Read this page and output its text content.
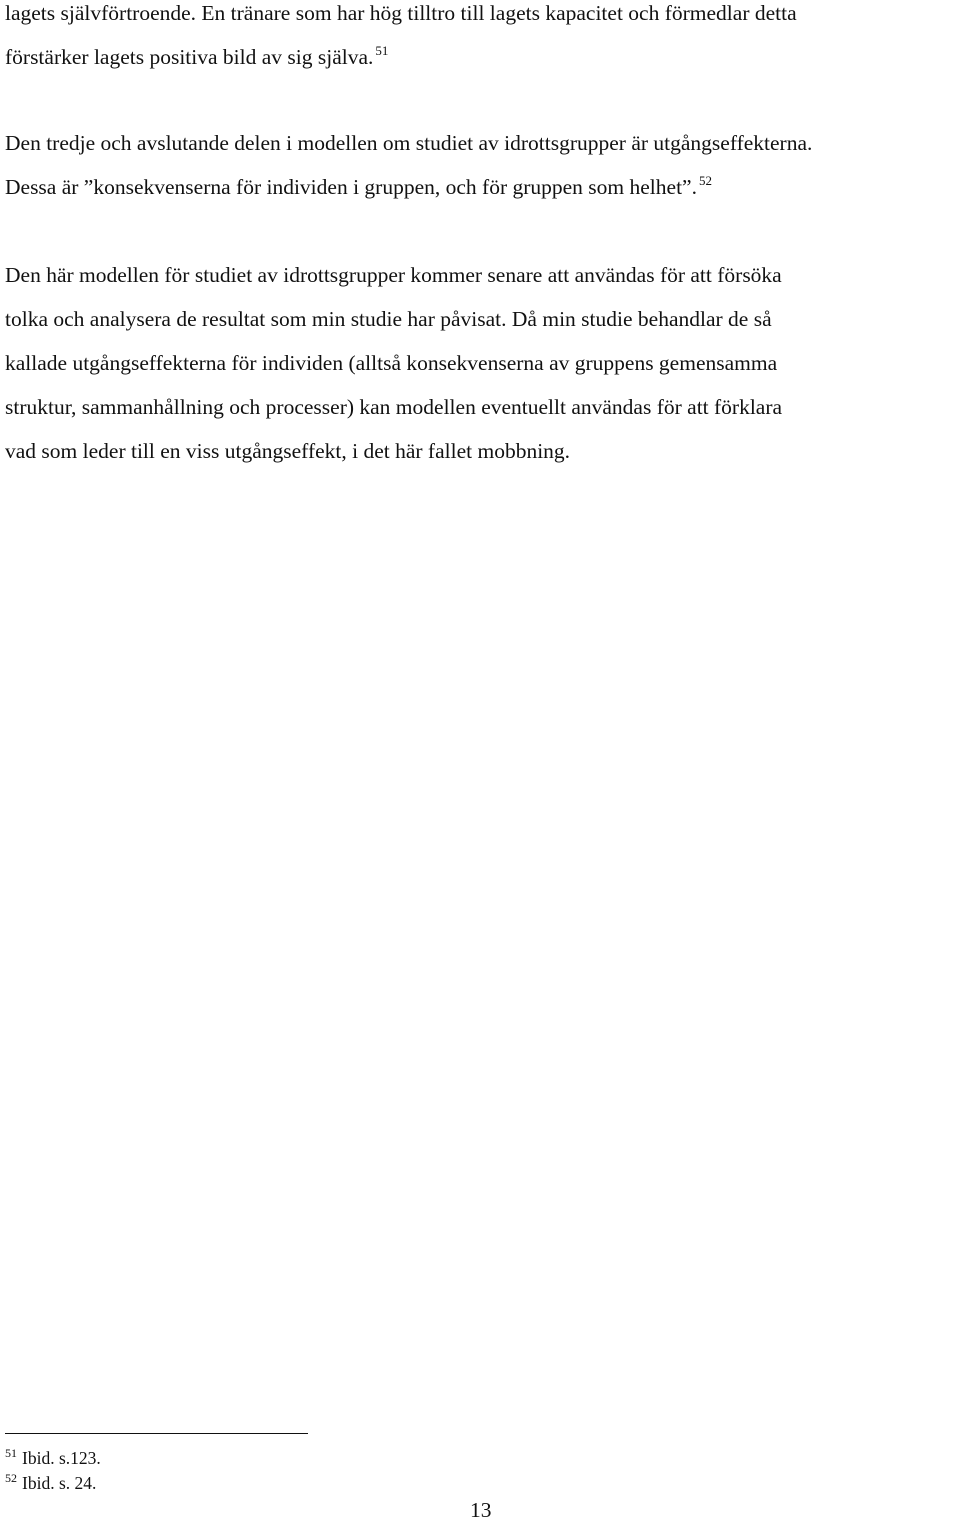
lagets självförtroende. En tränare som har hög tilltro till lagets kapacitet och förmedlar detta
förstärker lagets positiva bild av sig själva. $^{51}$
Den tredje och avslutande delen i modellen om studiet av idrottsgrupper är utgångseffekterna.
Dessa är ”konsekvenserna för individen i gruppen, och för gruppen som helhet”. $^{52}$
Den här modellen för studiet av idrottsgrupper kommer senare att användas för att försöka
tolka och analysera de resultat som min studie har påvisat. Då min studie behandlar de så
kallade utgångseffekterna för individen (alltså konsekvenserna av gruppens gemensamma
struktur, sammanhållning och processer) kan modellen eventuellt användas för att förklara
vad som leder till en viss utgångseffekt, i det här fallet mobbning.
$^{51}$ Ibid. s.123.
$^{52}$ Ibid. s. 24.
13
